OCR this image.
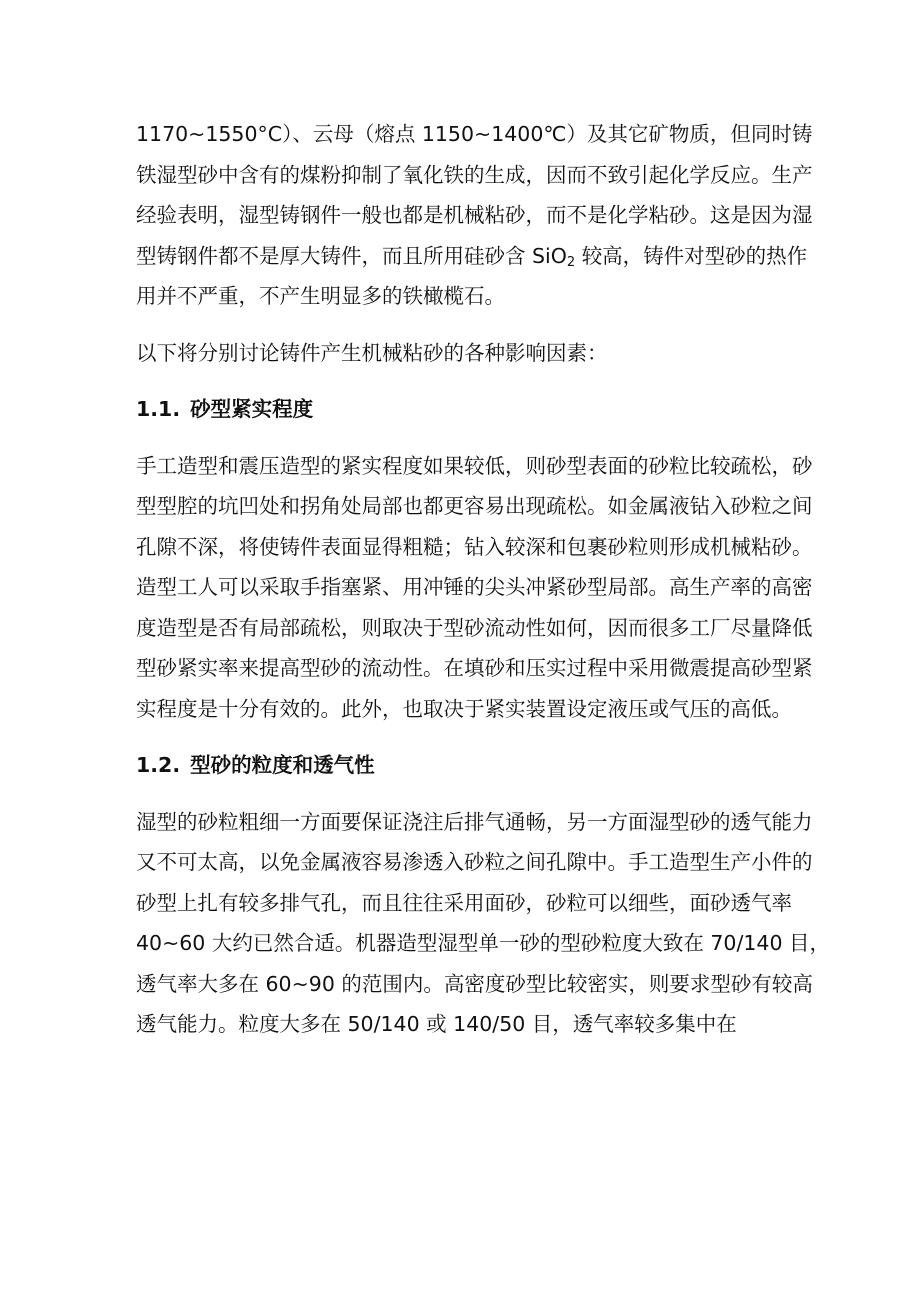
1170~1550°C）、云母（熔点 1150~1400℃）及其它矿物质，但同时铸
铁湿型砂中含有的煤粉抑制了氧化铁的生成，因而不致引起化学反应。生产
经验表明，湿型铸钢件一般也都是机械粘砂，而不是化学粘砂。这是因为湿
型铸钢件都不是厚大铸件，而且所用硅砂含 SiO$_2$ 较高，铸件对型砂的热作
用并不严重，不产生明显多的铁橄榄石。

以下将分别讨论铸件产生机械粘砂的各种影响因素：

1.1. 砂型紧实程度

手工造型和震压造型的紧实程度如果较低，则砂型表面的砂粒比较疏松，砂
型型腔的坑凹处和拐角处局部也都更容易出现疏松。如金属液钻入砂粒之间
孔隙不深，将使铸件表面显得粗糙；钻入较深和包裹砂粒则形成机械粘砂。
造型工人可以采取手指塞紧、用冲锤的尖头冲紧砂型局部。高生产率的高密
度造型是否有局部疏松，则取决于型砂流动性如何，因而很多工厂尽量降低
型砂紧实率来提高型砂的流动性。在填砂和压实过程中采用微震提高砂型紧
实程度是十分有效的。此外，也取决于紧实装置设定液压或气压的高低。

1.2. 型砂的粒度和透气性

湿型的砂粒粗细一方面要保证浇注后排气通畅，另一方面湿型砂的透气能力
又不可太高，以免金属液容易渗透入砂粒之间孔隙中。手工造型生产小件的
砂型上扎有较多排气孔，而且往往采用面砂，砂粒可以细些，面砂透气率
40~60 大约已然合适。机器造型湿型单一砂的型砂粒度大致在 70/140 目，
透气率大多在 60~90 的范围内。高密度砂型比较密实，则要求型砂有较高
透气能力。粒度大多在 50/140 或 140/50 目，透气率较多集中在
